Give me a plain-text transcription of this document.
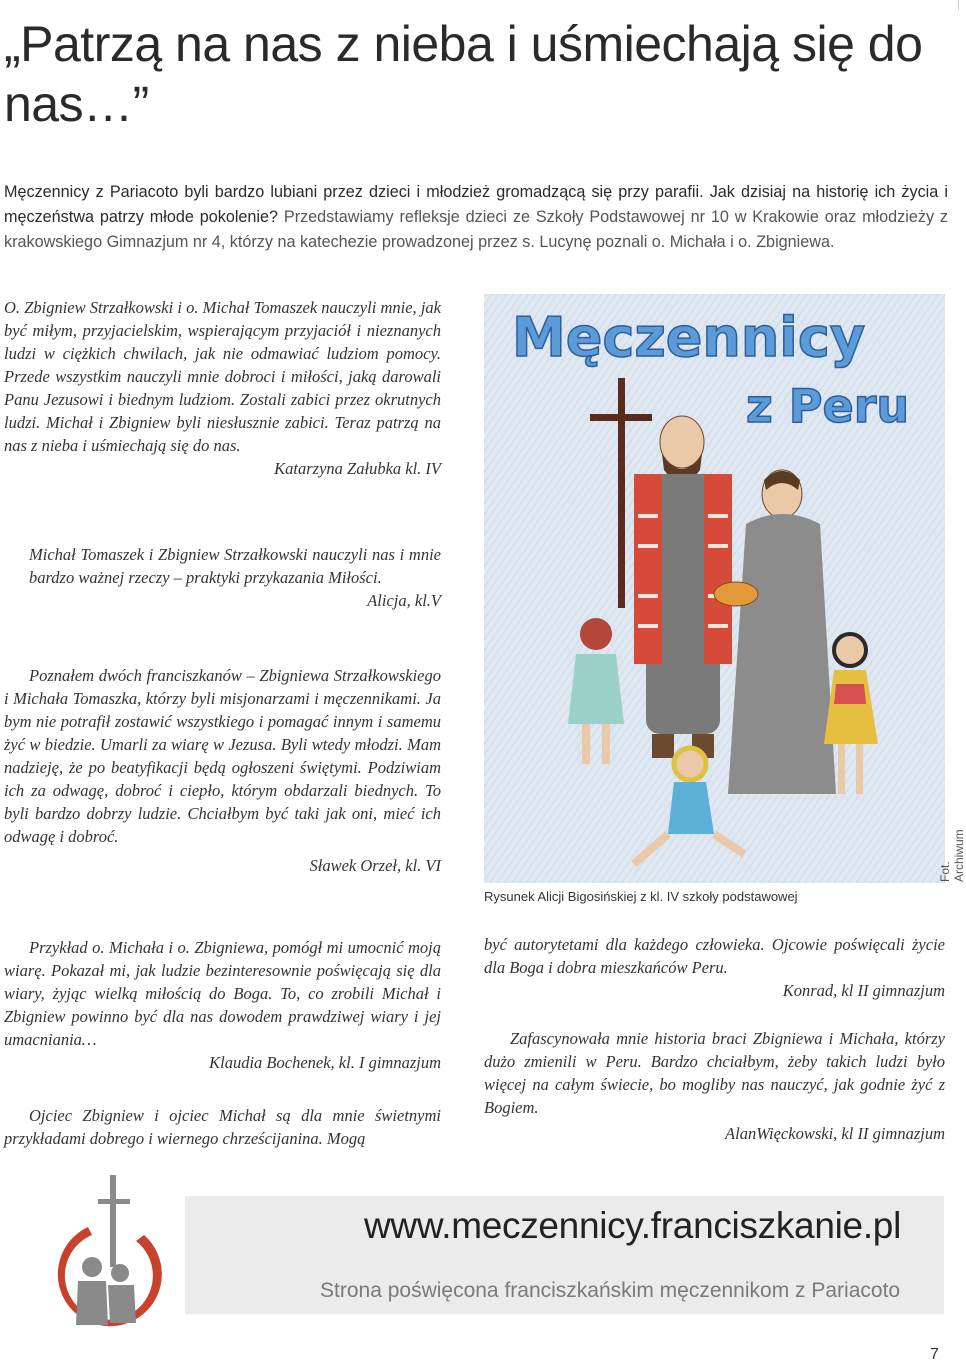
„Patrzą na nas z nieba i uśmiechają się do nas…”

Męczennicy z Pariacoto byli bardzo lubiani przez dzieci i młodzież gromadzącą się przy parafii. Jak dzisiaj na historię ich życia i męczeństwa patrzy młode pokolenie? Przedstawiamy refleksje dzieci ze Szkoły Podstawowej nr 10 w Krakowie oraz młodzieży z krakowskiego Gimnazjum nr 4, którzy na katechezie prowadzonej przez s. Lucynę poznali o. Michała i o. Zbigniewa.

O. Zbigniew Strzałkowski i o. Michał Tomaszek nauczyli mnie, jak być miłym, przyjacielskim, wspierającym przyjaciół i nieznanych ludzi w ciężkich chwilach, jak nie odmawiać ludziom pomocy. Przede wszystkim nauczyli mnie dobroci i miłości, jaką darowali Panu Jezusowi i biednym ludziom. Zostali zabici przez okrutnych ludzi. Michał i Zbigniew byli niesłusznie zabici. Teraz patrzą na nas z nieba i uśmiechają się do nas.

Katarzyna Załubka kl. IV

Michał Tomaszek i Zbigniew Strzałkowski nauczyli nas i mnie bardzo ważnej rzeczy – praktyki przykazania Miłości.

Alicja, kl.V

Poznałem dwóch franciszkanów – Zbigniewa Strzałkowskiego i Michała Tomaszka, którzy byli misjonarzami i męczennikami. Ja bym nie potrafił zostawić wszystkiego i pomagać innym i samemu żyć w biedzie. Umarli za wiarę w Jezusa. Byli wtedy młodzi. Mam nadzieję, że po beatyfikacji będą ogłoszeni świętymi. Podziwiam ich za odwagę, dobroć i ciepło, którym obdarzali biednych. To byli bardzo dobrzy ludzie. Chciałbym być taki jak oni, mieć ich odwagę i dobroć.

Sławek Orzeł, kl. VI

Przykład o. Michała i o. Zbigniewa, pomógł mi umocnić moją wiarę. Pokazał mi, jak ludzie bezinteresownie poświęcają się dla wiary, żyjąc wielką miłością do Boga. To, co zrobili Michał i Zbigniew powinno być dla nas dowodem prawdziwej wiary i jej umacniania…

Klaudia Bochenek, kl. I gimnazjum

Ojciec Zbigniew i ojciec Michał są dla mnie świetnymi przykładami dobrego i wiernego chrześcijanina. Mogą

Męczennicy
z Peru
Rysunek Alicji Bigosińskiej z kl. IV szkoły podstawowej
Fot. Archiwum

być autorytetami dla każdego człowieka. Ojcowie poświęcali życie dla Boga i dobra mieszkańców Peru.

Konrad, kl II gimnazjum

Zafascynowała mnie historia braci Zbigniewa i Michała, którzy dużo zmienili w Peru. Bardzo chciałbym, żeby takich ludzi było więcej na całym świecie, bo mogliby nas nauczyć, jak godnie żyć z Bogiem.

AlanWięckowski, kl II gimnazjum

www.meczennicy.franciszkanie.pl
Strona poświęcona franciszkańskim męczennikom z Pariacoto
7
